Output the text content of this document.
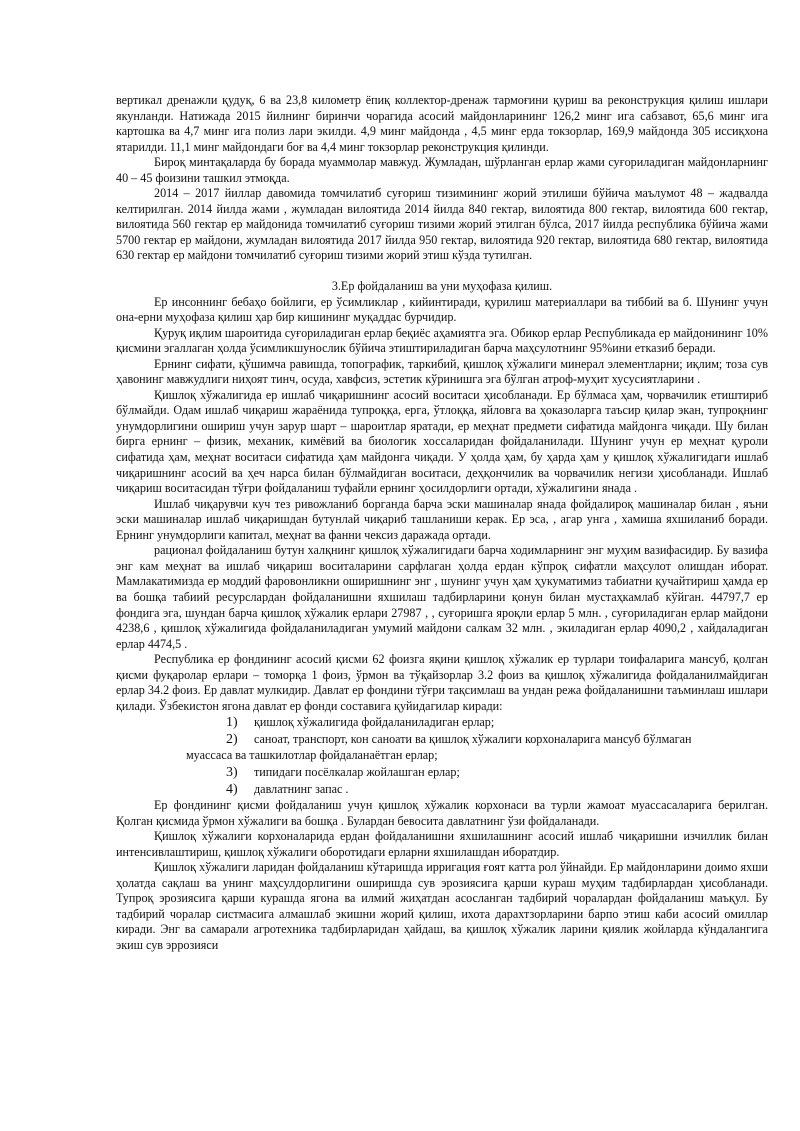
вертикал дренажли қудуқ, 6 ва 23,8 километр ёпиқ коллектор-дренаж тармоғини қуриш ва реконструкция қилиш ишлари якунланди. Натижада 2015 йилнинг биринчи чорагида асосий майдонларининг 126,2 минг ига сабзавот, 65,6 минг ига картошка ва 4,7 минг ига полиз лари экилди. 4,9 минг майдонда , 4,5 минг ерда токзорлар, 169,9 майдонда 305 иссиқхона ятарилди. 11,1 минг майдондаги боғ ва 4,4 минг токзорлар реконструкция қилинди.

Бироқ минтақаларда бу борада муаммолар мавжуд. Жумладан, шўрланган ерлар жами суғориладиган майдонларнинг 40 – 45 фоизини ташкил этмоқда.

2014 – 2017 йиллар давомида томчилатиб суғориш тизимининг жорий этилиши бўйича маълумот 48 – жадвалда келтирилган. 2014 йилда жами , жумладан вилоятида 2014 йилда 840 гектар, вилоятида 800 гектар, вилоятида 600 гектар, вилоятида 560 гектар ер майдонида томчилатиб суғориш тизими жорий этилган бўлса, 2017 йилда республика бўйича жами 5700 гектар ер майдони, жумладан вилоятида 2017 йилда 950 гектар, вилоятида 920 гектар, вилоятида 680 гектар, вилоятида 630 гектар ер майдони томчилатиб суғориш тизими жорий этиш кўзда тутилган.

3.Ер фойдаланиш ва уни муҳофаза қилиш.

Ер инсоннинг бебаҳо бойлиги, ер ўсимликлар , кийинтиради, қурилиш материаллари ва тиббий ва б. Шунинг учун она-ерни муҳофаза қилиш ҳар бир кишининг муқаддас бурчидир.

Қуруқ иқлим шароитида суғориладиган ерлар беқиёс аҳамиятга эга. Обикор ерлар Республикада ер майдонининг 10% қисмини эгаллаган ҳолда ўсимликшунослик бўйича этиштириладиган барча маҳсулотнинг 95%ини етказиб беради.

Ернинг сифати, қўшимча равишда, топографик, таркибий, қишлоқ хўжалиги минерал элементларни; иқлим; тоза сув ҳавонинг мавжудлиги ниҳоят тинч, осуда, хавфсиз, эстетик кўринишга эга бўлган атроф-муҳит хусусиятларини .

Қишлоқ хўжалигида ер ишлаб чиқаришнинг асосий воситаси ҳисобланади. Ер бўлмаса ҳам, чорвачилик етиштириб бўлмайди. Одам ишлаб чиқариш жараёнида тупроққа, ерга, ўтлоққа, яйловга ва ҳоказоларга таъсир қилар экан, тупроқнинг унумдорлигини ошириш учун зарур шарт – шароитлар яратади, ер меҳнат предмети сифатида майдонга чиқади. Шу билан бирга ернинг – физик, механик, кимёвий ва биологик хоссаларидан фойдаланилади. Шунинг учун ер меҳнат қуроли сифатида ҳам, меҳнат воситаси сифатида ҳам майдонга чиқади. У ҳолда ҳам, бу ҳарда ҳам у қишлоқ хўжалигидаги ишлаб чиқаришнинг асосий ва ҳеч нарса билан бўлмайдиган воситаси, деҳқончилик ва чорвачилик негизи ҳисобланади. Ишлаб чиқариш воситасидан тўғри фойдаланиш туфайли ернинг ҳосилдорлиги ортади, хўжалигини янада .

Ишлаб чиқарувчи куч тез ривожланиб борганда барча эски машиналар янада фойдалироқ машиналар билан , яъни эски машиналар ишлаб чиқаришдан бутунлай чиқариб ташланиши керак. Ер эса, , агар унга , хамиша яхшиланиб боради. Ернинг унумдорлиги капитал, меҳнат ва фанни чексиз даражада ортади.

рационал фойдаланиш бутун халқнинг қишлоқ хўжалигидаги барча ходимларнинг энг муҳим вазифасидир. Бу вазифа энг кам меҳнат ва ишлаб чиқариш воситаларини сарфлаган ҳолда ердан кўпроқ сифатли маҳсулот олишдан иборат. Мамлакатимизда ер моддий фаровонликни оширишнинг энг , шунинг учун ҳам ҳукуматимиз табиатни қучайтириш ҳамда ер ва бошқа табиий ресурслардан фойдаланишни яхшилаш тадбирларини қонун билан мустаҳкамлаб кўйган. 44797,7 ер фондига эга, шундан барча қишлоқ хўжалик ерлари 27987 , , суғоришга яроқли ерлар 5 млн. , суғориладиган ерлар майдони 4238,6 , қишлоқ хўжалигида фойдаланиладиган умумий майдони салкам 32 млн. , экиладиган ерлар 4090,2 , хайдаладиган ерлар 4474,5 .

Республика ер фондининг асосий қисми 62 фоизга яқини қишлоқ хўжалик ер турлари тоифаларига мансуб, қолган қисми фуқаролар ерлари – томорқа 1 фоиз, ўрмон ва тўқайзорлар 3.2 фоиз ва қишлоқ хўжалигида фойдаланилмайдиган ерлар 34.2 фоиз. Ер давлат мулкидир. Давлат ер фондини тўғри тақсимлаш ва ундан режа фойдаланишни таъминлаш ишлари қилади. Ўзбекистон ягона давлат ер фонди составига қуйидагилар киради:

1)	қишлоқ хўжалигида фойдаланиладиган ерлар;
2)	саноат, транспорт, кон саноати ва қишлоқ хўжалиги корхоналарига мансуб бўлмаган

муассаса ва ташкилотлар фойдаланаётган ерлар;

3)	типидаги посёлкалар жойлашган ерлар;
4)	давлатнинг запас .

Ер фондининг қисми фойдаланиш учун қишлоқ хўжалик корхонаси ва турли жамоат муассасаларига берилган. Қолган қисмида ўрмон хўжалиги ва бошқа . Булардан бевосита давлатнинг ўзи фойдаланади.

Қишлоқ хўжалиги корхоналарида ердан фойдаланишни яхшилашнинг асосий ишлаб чиқаришни изчиллик билан интенсивлаштириш, қишлоқ хўжалиги оборотидаги ерларни яхшилашдан иборатдир.

Қишлоқ хўжалиги ларидан фойдаланиш кўтаришда ирригация ғоят катта рол ўйнайди. Ер майдонларини доимо яхши ҳолатда сақлаш ва унинг маҳсулдорлигини оширишда сув эрозиясига қарши кураш муҳим тадбирлардан ҳисобланади. Тупроқ эрозиясига қарши курашда ягона ва илмий жиҳатдан асосланган тадбирий чоралардан фойдаланиш маъқул. Бу тадбирий чоралар систмасига алмашлаб экишни жорий қилиш, ихота дарахтзорларини барпо этиш каби асосий омиллар киради. Энг ва самарали агротехника тадбирларидан ҳайдаш, ва қишлоқ хўжалик ларини қиялик жойларда кўндалангига экиш сув эррозияси
